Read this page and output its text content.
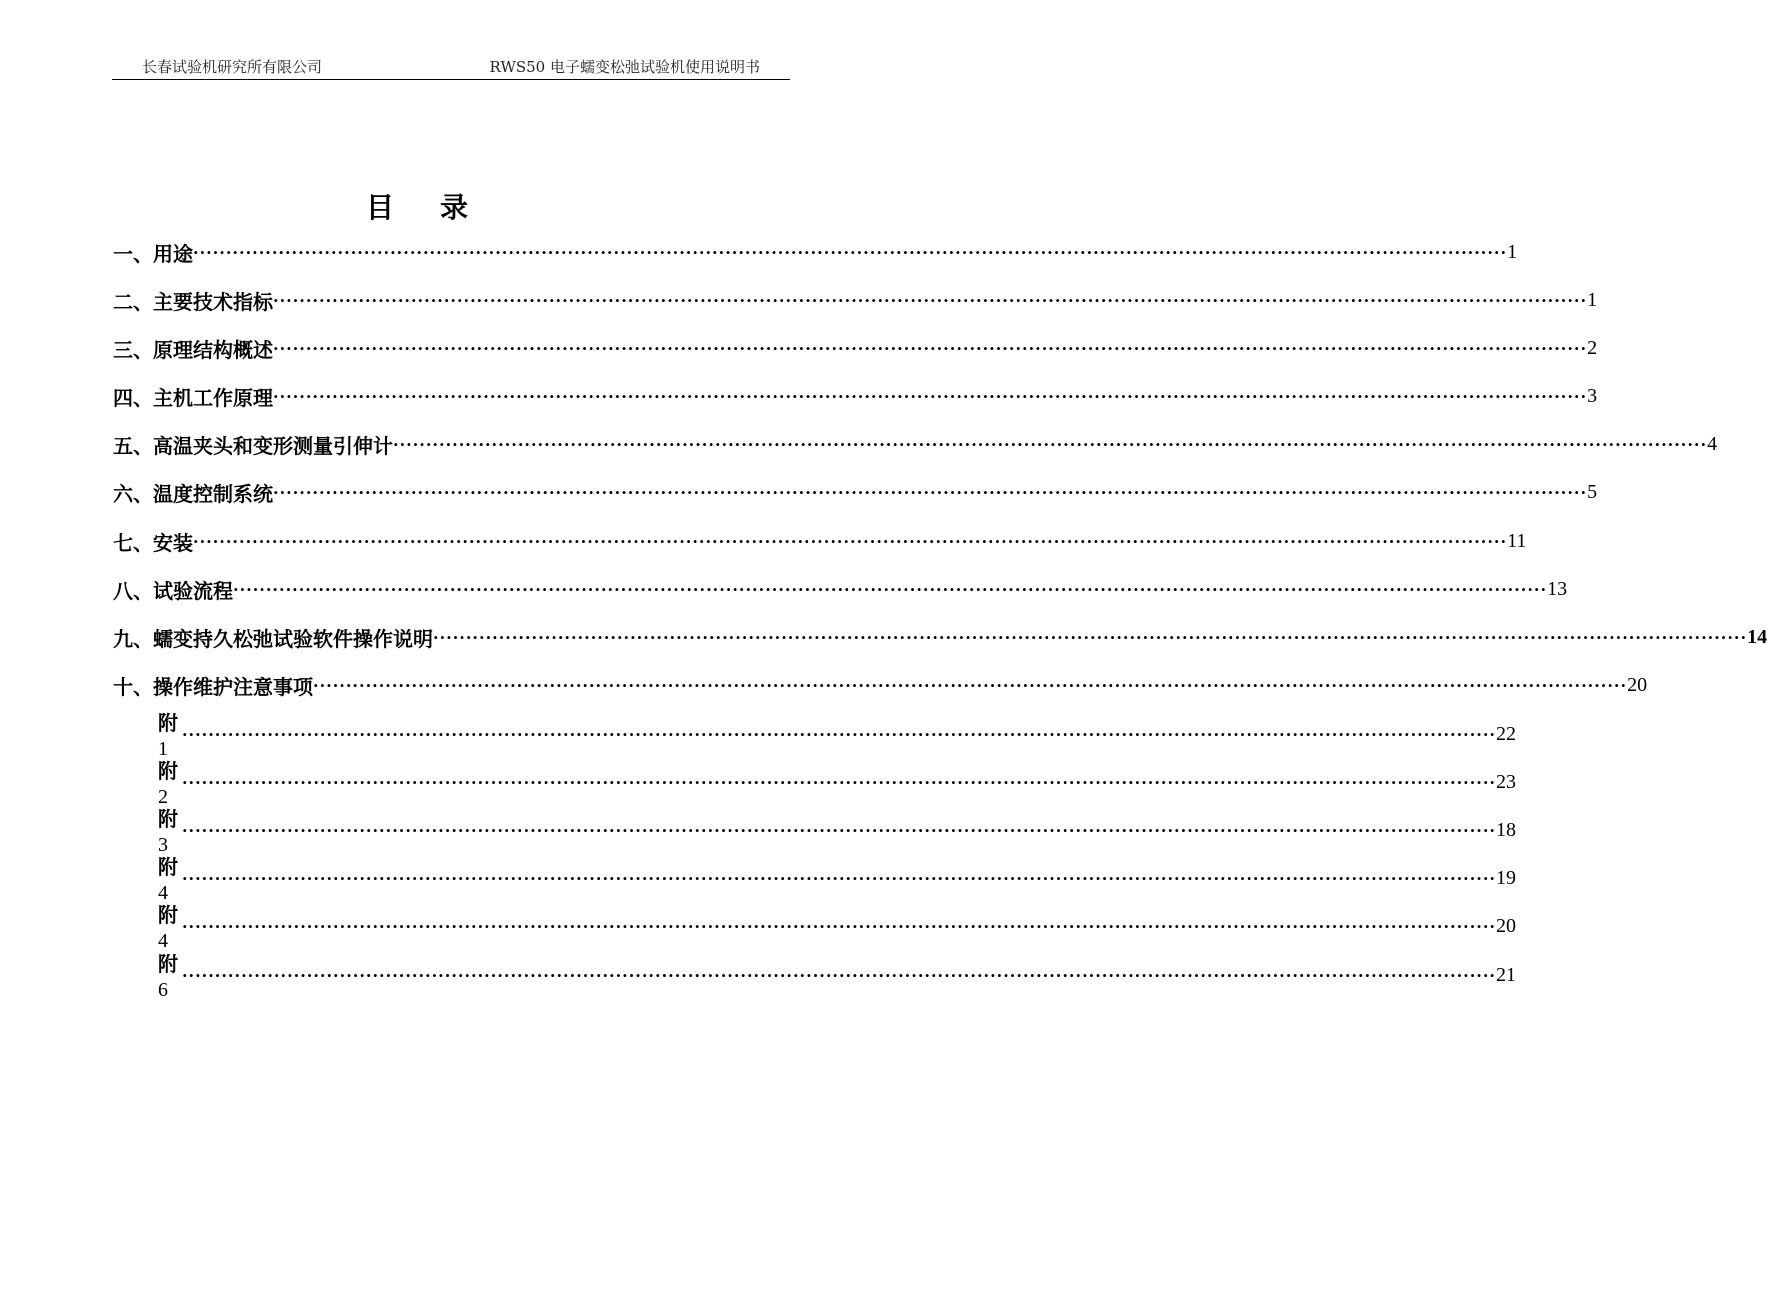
长春试验机研究所有限公司	RWS50 电子蠕变松弛试验机使用说明书
目录
一、用途 ········································································································································································································ 1
二、主要技术指标 ········································································································································································································ 1
三、原理结构概述 ········································································································································································································ 2
四、主机工作原理 ········································································································································································································ 3
五、高温夹头和变形测量引伸计 ········································································································································································································ 4
六、温度控制系统 ········································································································································································································ 5
七、安装 ········································································································································································································ 11
八、试验流程 ········································································································································································································ 13
九、蠕变持久松弛试验软件操作说明 ········································································································································································································ 14
十、操作维护注意事项 ········································································································································································································ 20
附 1
········································································································································································································ 22
附 2
········································································································································································································ 23
附 3
········································································································································································································ 18
附 4
········································································································································································································ 19
附 4
········································································································································································································ 20
附 6
········································································································································································································ 21
